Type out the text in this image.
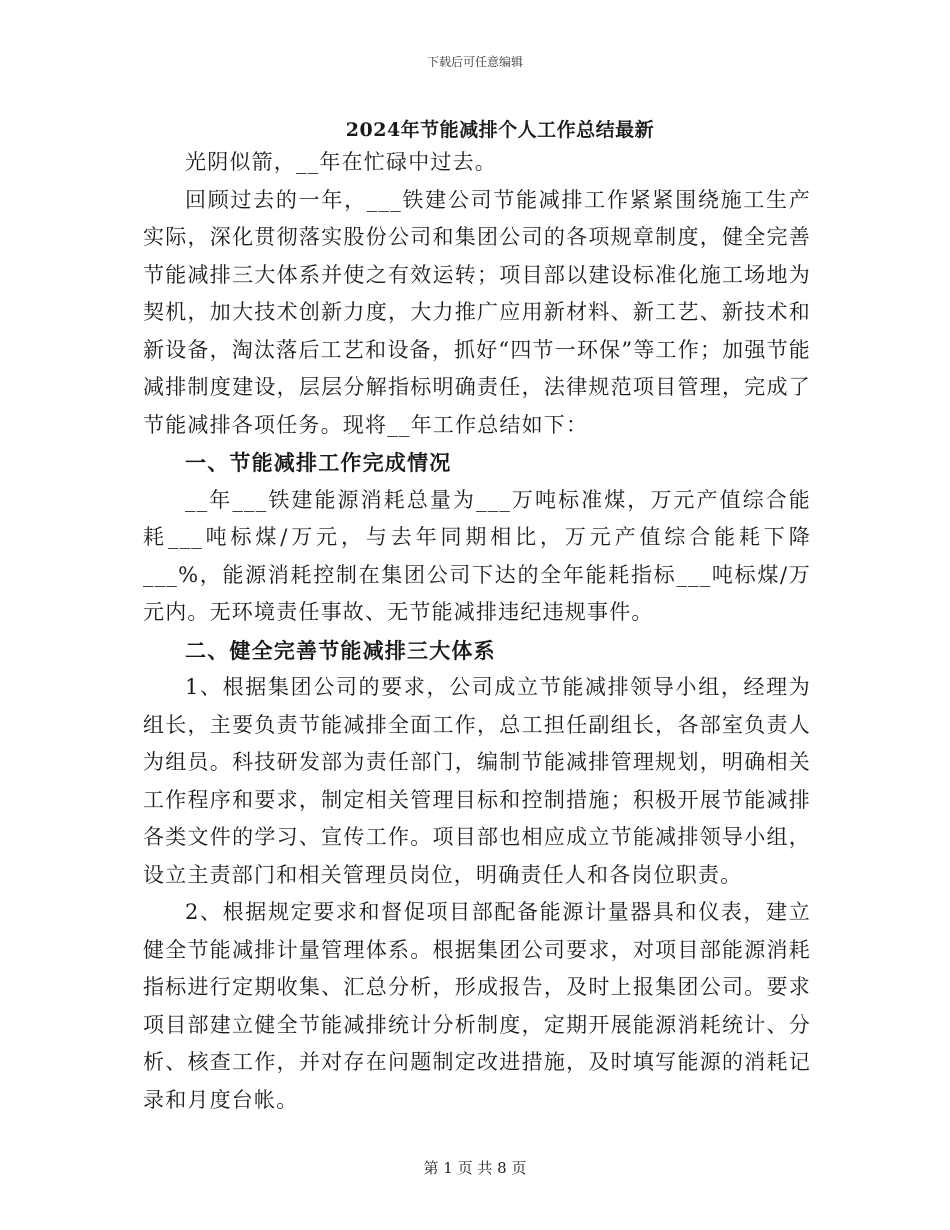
下载后可任意编辑
2024年节能减排个人工作总结最新

光阴似箭，__年在忙碌中过去。

回顾过去的一年，___铁建公司节能减排工作紧紧围绕施工生产实际，深化贯彻落实股份公司和集团公司的各项规章制度，健全完善节能减排三大体系并使之有效运转；项目部以建设标准化施工场地为契机，加大技术创新力度，大力推广应用新材料、新工艺、新技术和新设备，淘汰落后工艺和设备，抓好“四节一环保”等工作；加强节能减排制度建设，层层分解指标明确责任，法律规范项目管理，完成了节能减排各项任务。现将__年工作总结如下：

一、节能减排工作完成情况

__年___铁建能源消耗总量为___万吨标准煤，万元产值综合能耗___吨标煤/万元，与去年同期相比，万元产值综合能耗下降___%，能源消耗控制在集团公司下达的全年能耗指标___吨标煤/万元内。无环境责任事故、无节能减排违纪违规事件。

二、健全完善节能减排三大体系

1、根据集团公司的要求，公司成立节能减排领导小组，经理为组长，主要负责节能减排全面工作，总工担任副组长，各部室负责人为组员。科技研发部为责任部门，编制节能减排管理规划，明确相关工作程序和要求，制定相关管理目标和控制措施；积极开展节能减排各类文件的学习、宣传工作。项目部也相应成立节能减排领导小组，设立主责部门和相关管理员岗位，明确责任人和各岗位职责。

2、根据规定要求和督促项目部配备能源计量器具和仪表，建立健全节能减排计量管理体系。根据集团公司要求，对项目部能源消耗指标进行定期收集、汇总分析，形成报告，及时上报集团公司。要求项目部建立健全节能减排统计分析制度，定期开展能源消耗统计、分析、核查工作，并对存在问题制定改进措施，及时填写能源的消耗记录和月度台帐。

第 1 页 共 8 页
